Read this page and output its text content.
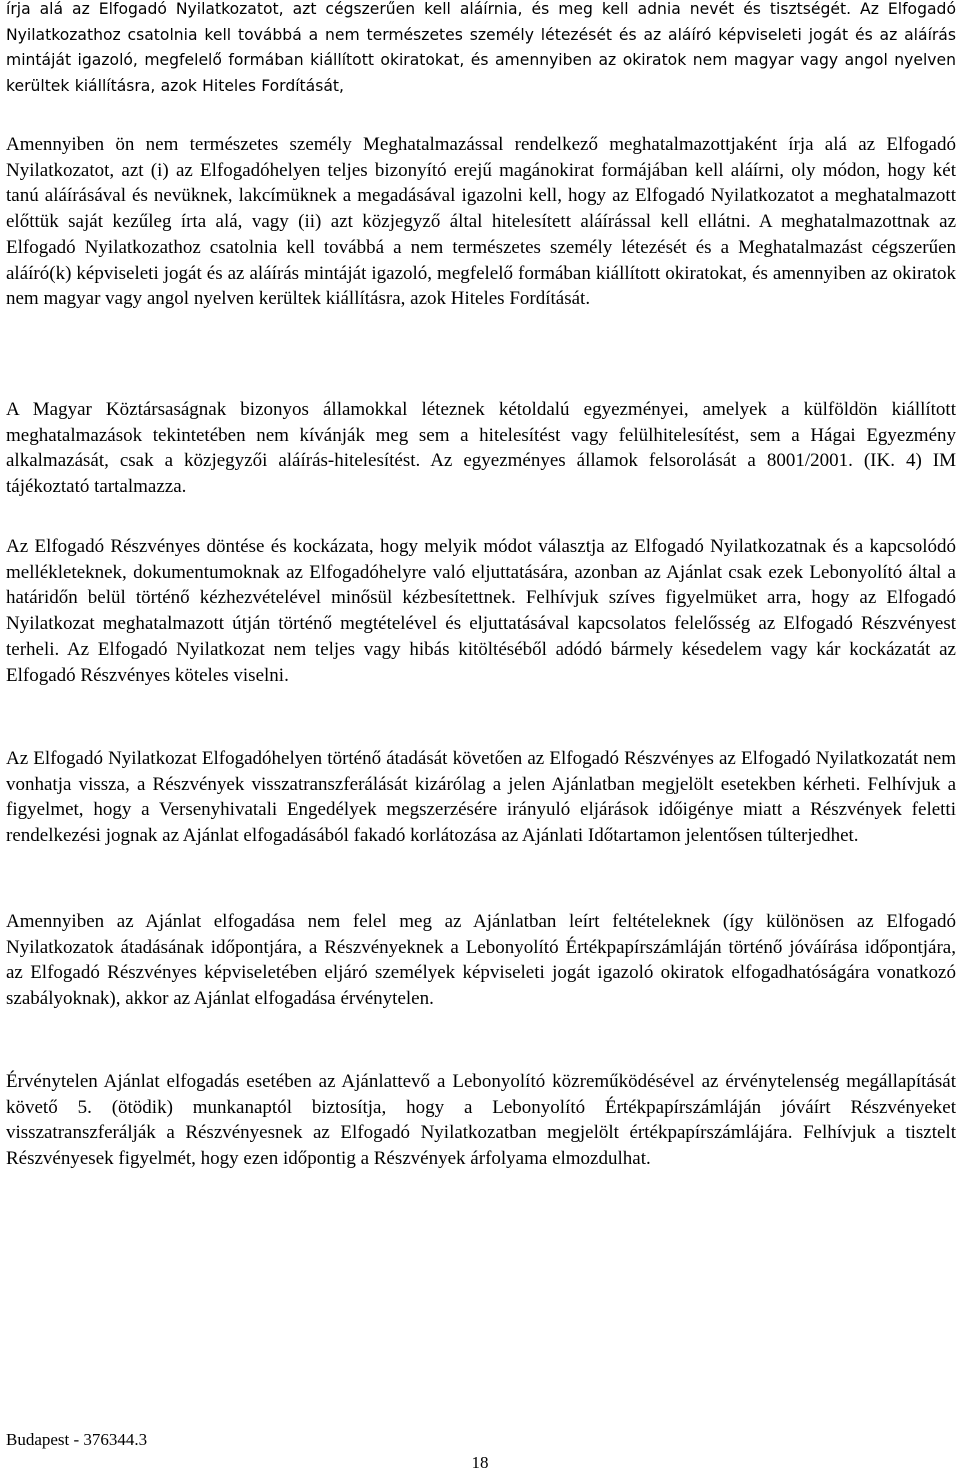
írja alá az Elfogadó Nyilatkozatot, azt cégszerűen kell aláírnia, és meg kell adnia nevét és tisztségét. Az Elfogadó Nyilatkozathoz csatolnia kell továbbá a nem természetes személy létezését és az aláíró képviseleti jogát és az aláírás mintáját igazoló, megfelelő formában kiállított okiratokat, és amennyiben az okiratok nem magyar vagy angol nyelven kerültek kiállításra, azok Hiteles Fordítását,

Amennyiben ön nem természetes személy Meghatalmazással rendelkező meghatalmazottjaként írja alá az Elfogadó Nyilatkozatot, azt (i) az Elfogadóhelyen teljes bizonyító erejű magánokirat formájában kell aláírni, oly módon, hogy két tanú aláírásával és nevüknek, lakcímüknek a megadásával igazolni kell, hogy az Elfogadó Nyilatkozatot a meghatalmazott előttük saját kezűleg írta alá, vagy (ii) azt közjegyző által hitelesített aláírással kell ellátni. A meghatalmazottnak az Elfogadó Nyilatkozathoz csatolnia kell továbbá a nem természetes személy létezését és a Meghatalmazást cégszerűen aláíró(k) képviseleti jogát és az aláírás mintáját igazoló, megfelelő formában kiállított okiratokat, és amennyiben az okiratok nem magyar vagy angol nyelven kerültek kiállításra, azok Hiteles Fordítását.

A Magyar Köztársaságnak bizonyos államokkal léteznek kétoldalú egyezményei, amelyek a külföldön kiállított meghatalmazások tekintetében nem kívánják meg sem a hitelesítést vagy felülhitelesítést, sem a Hágai Egyezmény alkalmazását, csak a közjegyzői aláírás-hitelesítést. Az egyezményes államok felsorolását a 8001/2001. (IK. 4) IM tájékoztató tartalmazza.

Az Elfogadó Részvényes döntése és kockázata, hogy melyik módot választja az Elfogadó Nyilatkozatnak és a kapcsolódó mellékleteknek, dokumentumoknak az Elfogadóhelyre való eljuttatására, azonban az Ajánlat csak ezek Lebonyolító által a határidőn belül történő kézhezvételével minősül kézbesítettnek. Felhívjuk szíves figyelmüket arra, hogy az Elfogadó Nyilatkozat meghatalmazott útján történő megtételével és eljuttatásával kapcsolatos felelősség az Elfogadó Részvényest terheli. Az Elfogadó Nyilatkozat nem teljes vagy hibás kitöltéséből adódó bármely késedelem vagy kár kockázatát az Elfogadó Részvényes köteles viselni.

Az Elfogadó Nyilatkozat Elfogadóhelyen történő átadását követően az Elfogadó Részvényes az Elfogadó Nyilatkozatát nem vonhatja vissza, a Részvények visszatranszferálását kizárólag a jelen Ajánlatban megjelölt esetekben kérheti. Felhívjuk a figyelmet, hogy a Versenyhivatali Engedélyek megszerzésére irányuló eljárások időigénye miatt a Részvények feletti rendelkezési jognak az Ajánlat elfogadásából fakadó korlátozása az Ajánlati Időtartamon jelentősen túlterjedhet.

Amennyiben az Ajánlat elfogadása nem felel meg az Ajánlatban leírt feltételeknek (így különösen az Elfogadó Nyilatkozatok átadásának időpontjára, a Részvényeknek a Lebonyolító Értékpapírszámláján történő jóváírása időpontjára, az Elfogadó Részvényes képviseletében eljáró személyek képviseleti jogát igazoló okiratok elfogadhatóságára vonatkozó szabályoknak), akkor az Ajánlat elfogadása érvénytelen.

Érvénytelen Ajánlat elfogadás esetében az Ajánlattevő a Lebonyolító közreműködésével az érvénytelenség megállapítását követő 5. (ötödik) munkanaptól biztosítja, hogy a Lebonyolító Értékpapírszámláján jóváírt Részvényeket visszatranszferálják a Részvényesnek az Elfogadó Nyilatkozatban megjelölt értékpapírszámlájára. Felhívjuk a tisztelt Részvényesek figyelmét, hogy ezen időpontig a Részvények árfolyama elmozdulhat.

Budapest - 376344.3
18
